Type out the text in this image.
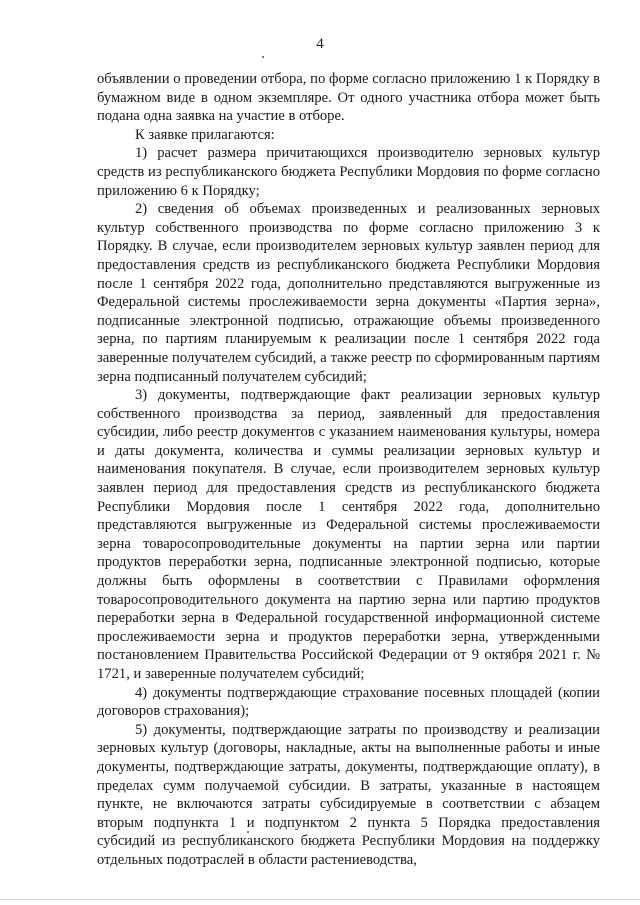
4

объявлении о проведении отбора, по форме согласно приложению 1 к Порядку в бумажном виде в одном экземпляре. От одного участника отбора может быть подана одна заявка на участие в отборе.

К заявке прилагаются:

1) расчет размера причитающихся производителю зерновых культур средств из республиканского бюджета Республики Мордовия по форме согласно приложению 6 к Порядку;

2) сведения об объемах произведенных и реализованных зерновых культур собственного производства по форме согласно приложению 3 к Порядку. В случае, если производителем зерновых культур заявлен период для предоставления средств из республиканского бюджета Республики Мордовия после 1 сентября 2022 года, дополнительно представляются выгруженные из Федеральной системы прослеживаемости зерна документы «Партия зерна», подписанные электронной подписью, отражающие объемы произведенного зерна, по партиям планируемым к реализации после 1 сентября 2022 года заверенные получателем субсидий, а также реестр по сформированным партиям зерна подписанный получателем субсидий;

3) документы, подтверждающие факт реализации зерновых культур собственного производства за период, заявленный для предоставления субсидии, либо реестр документов с указанием наименования культуры, номера и даты документа, количества и суммы реализации зерновых культур и наименования покупателя. В случае, если производителем зерновых культур заявлен период для предоставления средств из республиканского бюджета Республики Мордовия после 1 сентября 2022 года, дополнительно представляются выгруженные из Федеральной системы прослеживаемости зерна товаросопроводительные документы на партии зерна или партии продуктов переработки зерна, подписанные электронной подписью, которые должны быть оформлены в соответствии с Правилами оформления товаросопроводительного документа на партию зерна или партию продуктов переработки зерна в Федеральной государственной информационной системе прослеживаемости зерна и продуктов переработки зерна, утвержденными постановлением Правительства Российской Федерации от 9 октября 2021 г. № 1721, и заверенные получателем субсидий;

4) документы подтверждающие страхование посевных площадей (копии договоров страхования);

5) документы, подтверждающие затраты по производству и реализации зерновых культур (договоры, накладные, акты на выполненные работы и иные документы, подтверждающие затраты, документы, подтверждающие оплату), в пределах сумм получаемой субсидии. В затраты, указанные в настоящем пункте, не включаются затраты субсидируемые в соответствии с абзацем вторым подпункта 1 и подпунктом 2 пункта 5 Порядка предоставления субсидий из республиканского бюджета Республики Мордовия на поддержку отдельных подотраслей в области растениеводства,
